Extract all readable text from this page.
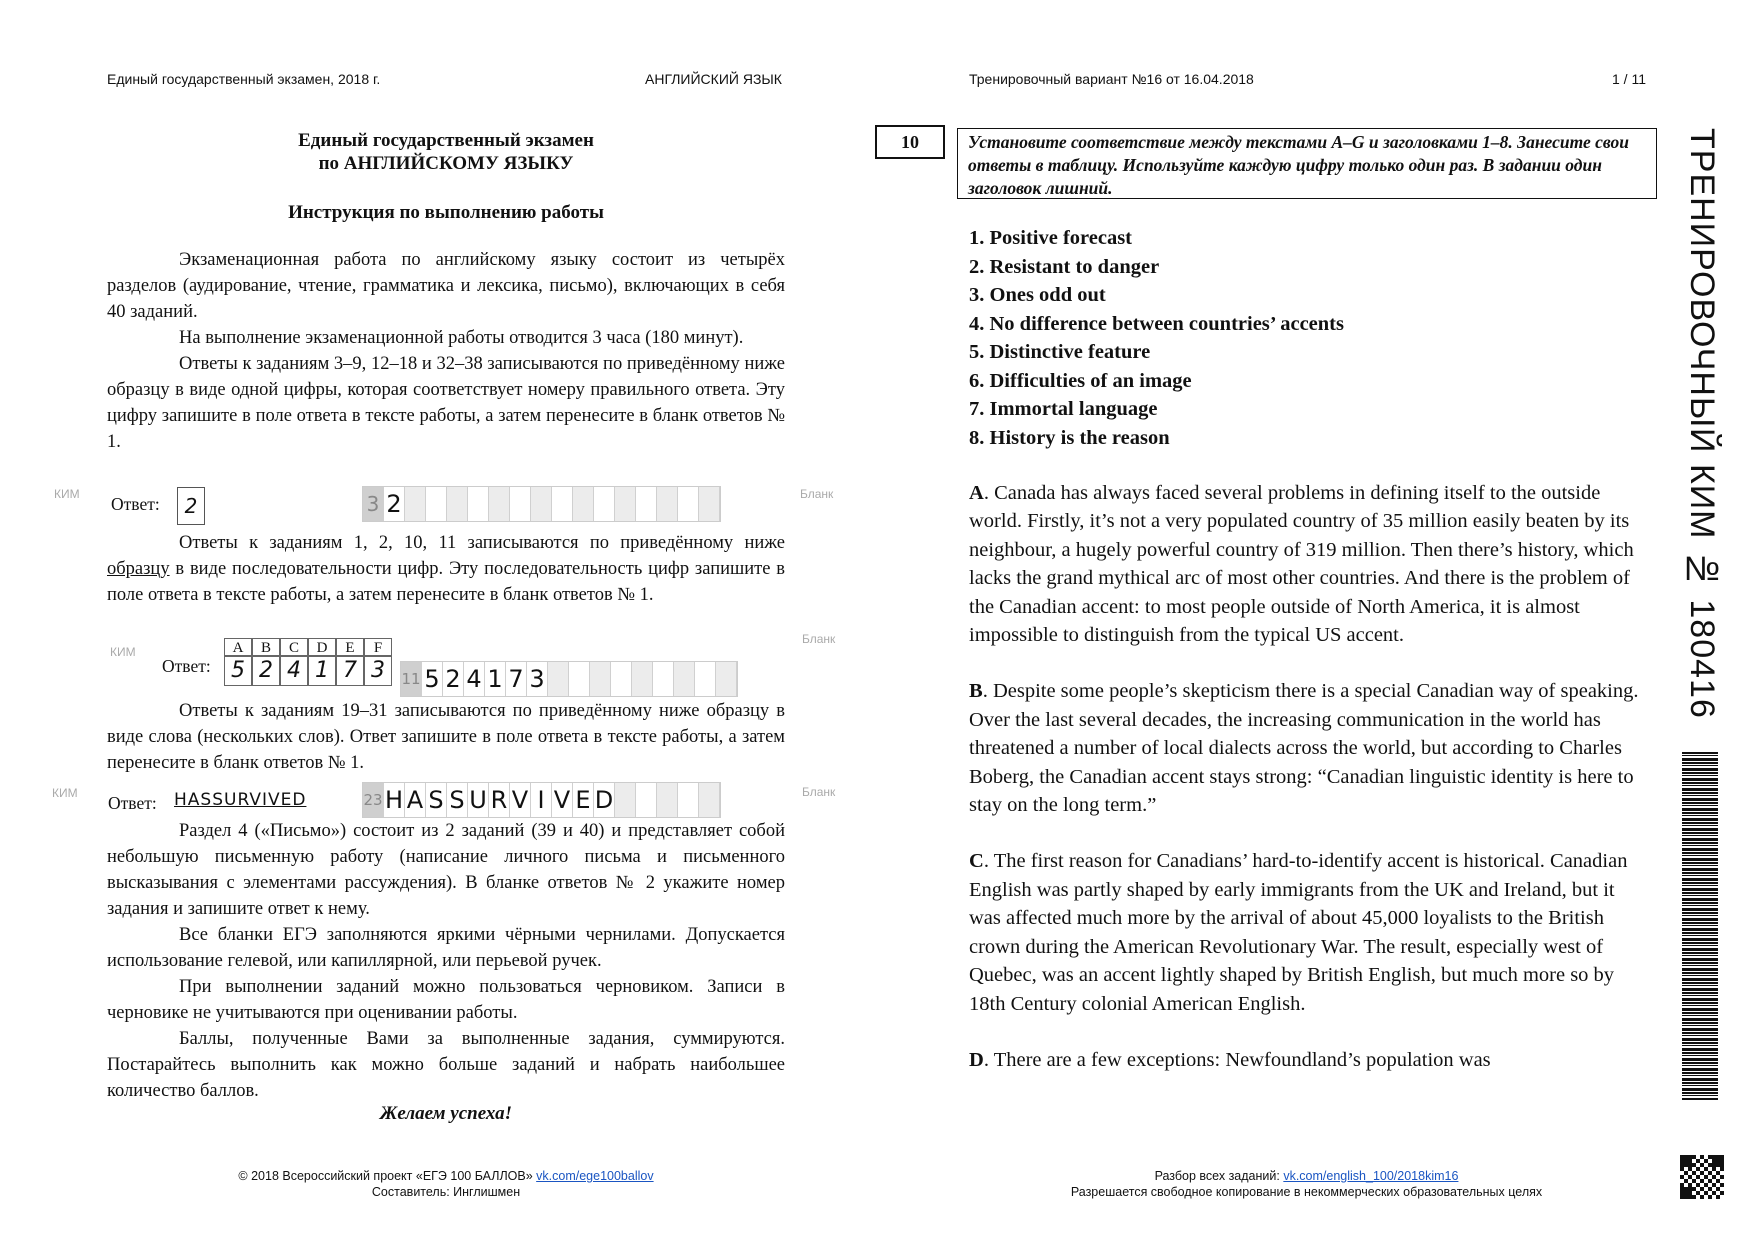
Единый государственный экзамен, 2018 г.	АНГЛИЙСКИЙ ЯЗЫК	Тренировочный вариант №16 от 16.04.2018	1 / 11
Единый государственный экзамен
по АНГЛИЙСКОМУ ЯЗЫКУ
Инструкция по выполнению работы

Экзаменационная работа по английскому языку состоит из четырёх разделов (аудирование, чтение, грамматика и лексика, письмо), включающих в себя 40 заданий.

На выполнение экзаменационной работы отводится 3 часа (180 минут).

Ответы к заданиям 3–9, 12–18 и 32–38 записываются по приведённому ниже образцу в виде одной цифры, которая соответствует номеру правильного ответа. Эту цифру запишите в поле ответа в тексте работы, а затем перенесите в бланк ответов № 1.

КИМ Ответ:	2	3 2	Бланк

Ответы к заданиям 1, 2, 10, 11 записываются по приведённому ниже образцу в виде последовательности цифр. Эту последовательность цифр запишите в поле ответа в тексте работы, а затем перенесите в бланк ответов № 1.

КИМ
Ответ:
A	B	C	D	E	F
5 2 4 1 7 3	11 5 2 4 1 7 3
Бланк

Ответы к заданиям 19–31 записываются по приведённому ниже образцу в виде слова (нескольких слов). Ответ запишите в поле ответа в тексте работы, а затем перенесите в бланк ответов № 1.

КИМ Ответ: HASSURVIVED	23 H A S S U R V I V E D	Бланк

Раздел 4 («Письмо») состоит из 2 заданий (39 и 40) и представляет собой небольшую письменную работу (написание личного письма и письменного высказывания с элементами рассуждения). В бланке ответов № 2 укажите номер задания и запишите ответ к нему.

Все бланки ЕГЭ заполняются яркими чёрными чернилами. Допускается использование гелевой, или капиллярной, или перьевой ручек.

При выполнении заданий можно пользоваться черновиком. Записи в черновике не учитываются при оценивании работы.

Баллы, полученные Вами за выполненные задания, суммируются. Постарайтесь выполнить как можно больше заданий и набрать наибольшее количество баллов.

Желаем успеха!
10	Установите соответствие между текстами A–G и заголовками 1–8. Занесите свои ответы в таблицу. Используйте каждую цифру только один раз. В задании один заголовок лишний.
1. Positive forecast
2. Resistant to danger
3. Ones odd out
4. No difference between countries’ accents
5. Distinctive feature
6. Difficulties of an image
7. Immortal language
8. History is the reason

A. Canada has always faced several problems in defining itself to the outside world. Firstly, it’s not a very populated country of 35 million easily beaten by its neighbour, a hugely powerful country of 319 million. Then there’s history, which lacks the grand mythical arc of most other countries. And there is the problem of the Canadian accent: to most people outside of North America, it is almost impossible to distinguish from the typical US accent.

B. Despite some people’s skepticism there is a special Canadian way of speaking. Over the last several decades, the increasing communication in the world has threatened a number of local dialects across the world, but according to Charles Boberg, the Canadian accent stays strong: “Canadian linguistic identity is here to stay on the long term.”

C. The first reason for Canadians’ hard-to-identify accent is historical. Canadian English was partly shaped by early immigrants from the UK and Ireland, but it was affected much more by the arrival of about 45,000 loyalists to the British crown during the American Revolutionary War. The result, especially west of Quebec, was an accent lightly shaped by British English, but much more so by 18th Century colonial American English.

D. There are a few exceptions: Newfoundland’s population was

ТРЕНИРОВОЧНЫЙ КИМ № 180416
© 2018 Всероссийский проект «ЕГЭ 100 БАЛЛОВ» vk.com/ege100ballov
Составитель: Инглишмен
Разбор всех заданий: vk.com/english_100/2018kim16
Разрешается свободное копирование в некоммерческих образовательных целях
